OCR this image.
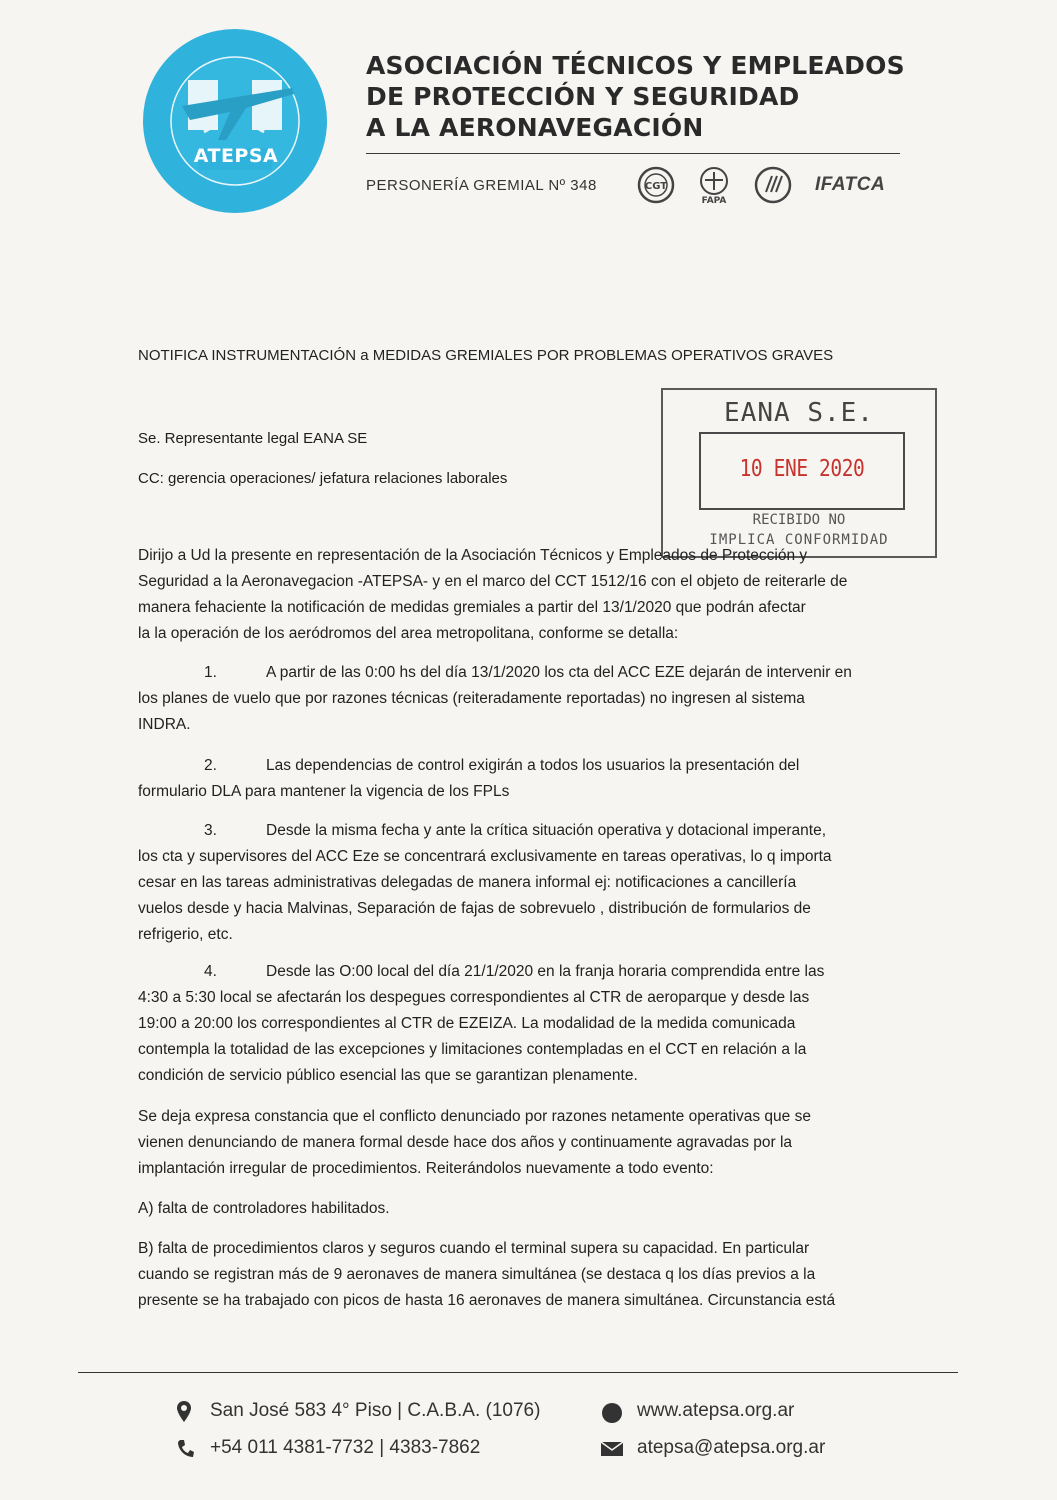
ATEPSA
ASOCIACIÓN TÉCNICOS Y EMPLEADOS
DE PROTECCIÓN Y SEGURIDAD
A LA AERONAVEGACIÓN
PERSONERÍA GREMIAL Nº 348	CGT
FAPA
IFATCA
NOTIFICA INSTRUMENTACIÓN a MEDIDAS GREMIALES POR PROBLEMAS OPERATIVOS GRAVES
Se. Representante legal EANA SE
CC: gerencia operaciones/ jefatura relaciones laborales
EANA S.E.
10 ENE 2020
RECIBIDO NO
IMPLICA CONFORMIDAD
Dirijo a Ud la presente en representación de la Asociación Técnicos y Empleados de Protección y
Seguridad a la Aeronavegacion -ATEPSA- y en el marco del CCT 1512/16 con el objeto de reiterarle de
manera fehaciente la notificación de medidas gremiales a partir del 13/1/2020 que podrán afectar
la la operación de los aeródromos del area metropolitana, conforme se detalla:
1.	A partir de las 0:00 hs del día 13/1/2020 los cta del ACC EZE dejarán de intervenir en
los planes de vuelo que por razones técnicas (reiteradamente reportadas) no ingresen al sistema
INDRA.
2.	Las dependencias de control exigirán a todos los usuarios la presentación del
formulario DLA para mantener la vigencia de los FPLs
3.	Desde la misma fecha y ante la crítica situación operativa y dotacional imperante,
los cta y supervisores del ACC Eze se concentrará exclusivamente en tareas operativas, lo q importa
cesar en las tareas administrativas delegadas de manera informal ej: notificaciones a cancillería
vuelos desde y hacia Malvinas, Separación de fajas de sobrevuelo , distribución de formularios de
refrigerio, etc.
4.	Desde las O:00 local del día 21/1/2020 en la franja horaria comprendida entre las
4:30 a 5:30 local se afectarán los despegues correspondientes al CTR de aeroparque y desde las
19:00 a 20:00 los correspondientes al CTR de EZEIZA. La modalidad de la medida comunicada
contempla la totalidad de las excepciones y limitaciones contempladas en el CCT en relación a la
condición de servicio público esencial las que se garantizan plenamente.
Se deja expresa constancia que el conflicto denunciado por razones netamente operativas que se
vienen denunciando de manera formal desde hace dos años y continuamente agravadas por la
implantación irregular de procedimientos. Reiterándolos nuevamente a todo evento:
A) falta de controladores habilitados.
B) falta de procedimientos claros y seguros cuando el terminal supera su capacidad. En particular
cuando se registran más de 9 aeronaves de manera simultánea (se destaca q los días previos a la
presente se ha trabajado con picos de hasta 16 aeronaves de manera simultánea. Circunstancia está
San José 583 4° Piso | C.A.B.A. (1076)
+54 011 4381-7732 | 4383-7862
www.atepsa.org.ar
atepsa@atepsa.org.ar
